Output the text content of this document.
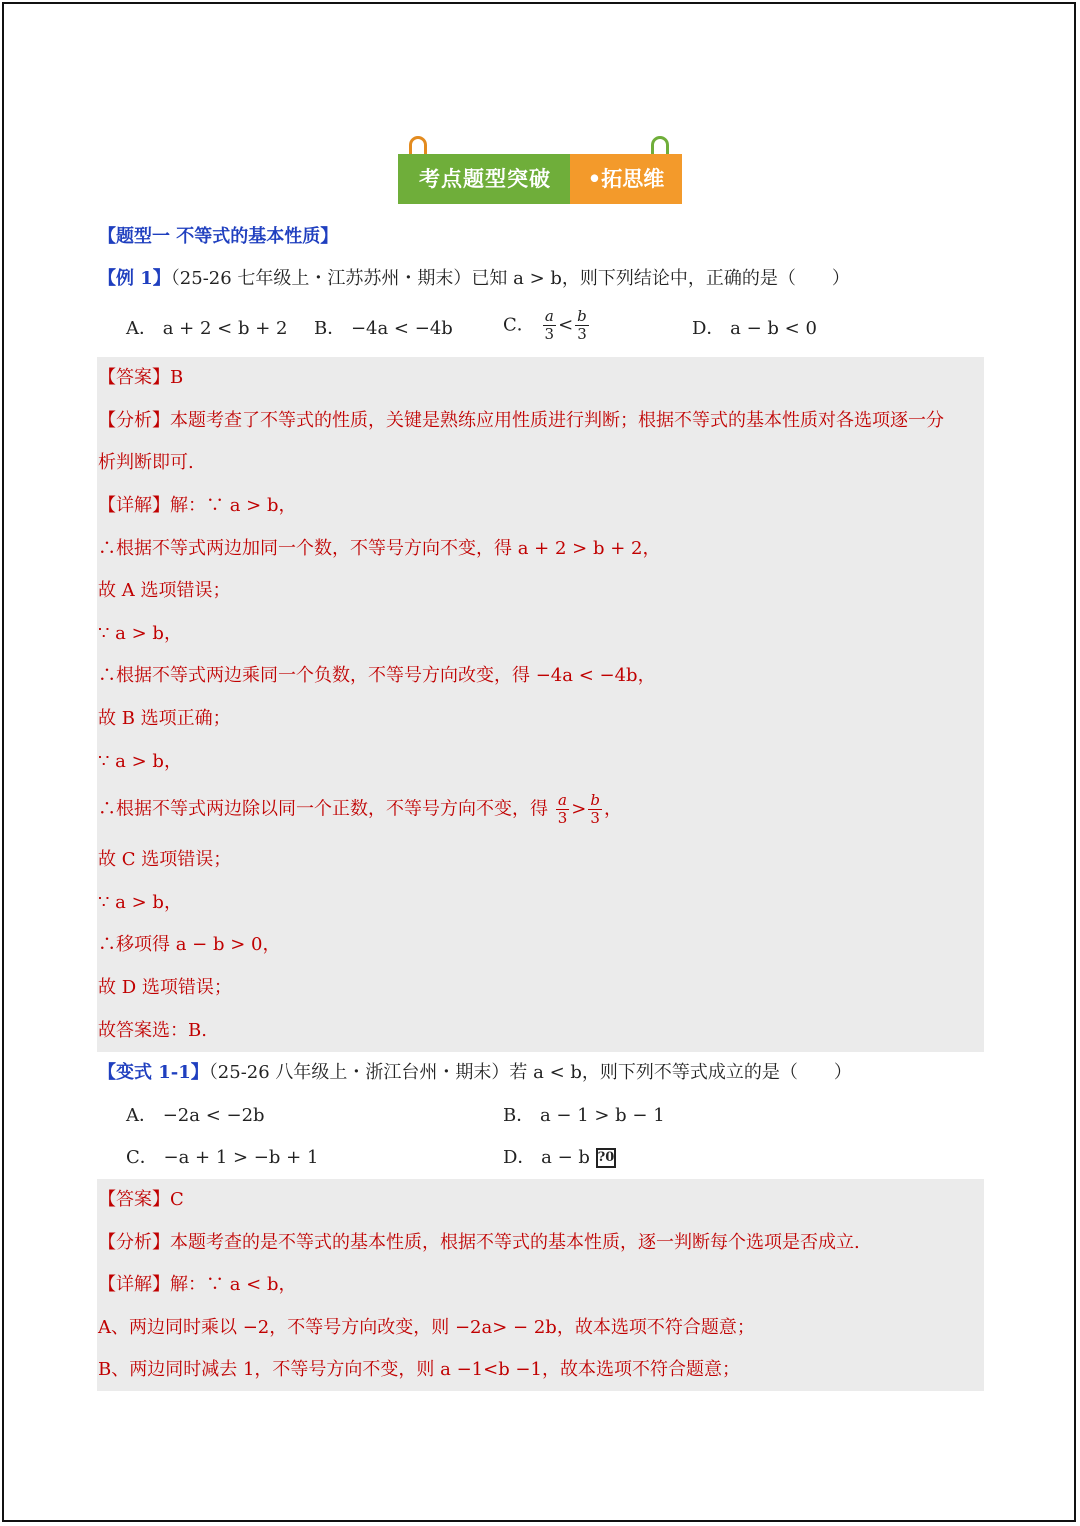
考点题型突破	•拓思维
【题型一 不等式的基本性质】
【例 1】（25-26 七年级上・江苏苏州・期末）已知 a > b，则下列结论中，正确的是（　　）
A． a + 2 < b + 2 B． −4a < −4b	C． $\frac{a}{3} < \frac{b}{3}$	D． a − b < 0
【答案】B
【分析】本题考查了不等式的性质，关键是熟练应用性质进行判断；根据不等式的基本性质对各选项逐一分
析判断即可.
【详解】解：∵ a > b，
∴根据不等式两边加同一个数，不等号方向不变，得 a + 2 > b + 2，
故 A 选项错误；
∵ a > b，
∴根据不等式两边乘同一个负数，不等号方向改变，得 −4a < −4b，
故 B 选项正确；
∵ a > b，
∴根据不等式两边除以同一个正数，不等号方向不变，得 $\frac{a}{3} > \frac{b}{3}$ ，
故 C 选项错误；
∵ a > b，
∴移项得 a − b > 0，
故 D 选项错误；
故答案选：B.
【变式 1-1】（25-26 八年级上・浙江台州・期末）若 a < b，则下列不等式成立的是（　　）
A． −2a < −2b	B． a − 1 > b − 1
C． −a + 1 > −b + 1	D． a − b ?0
【答案】C
【分析】本题考查的是不等式的基本性质，根据不等式的基本性质，逐一判断每个选项是否成立.
【详解】解：∵ a < b，
A、两边同时乘以 −2，不等号方向改变，则 −2a> − 2b，故本选项不符合题意；
B、两边同时减去 1，不等号方向不变，则 a −1<b −1，故本选项不符合题意；
